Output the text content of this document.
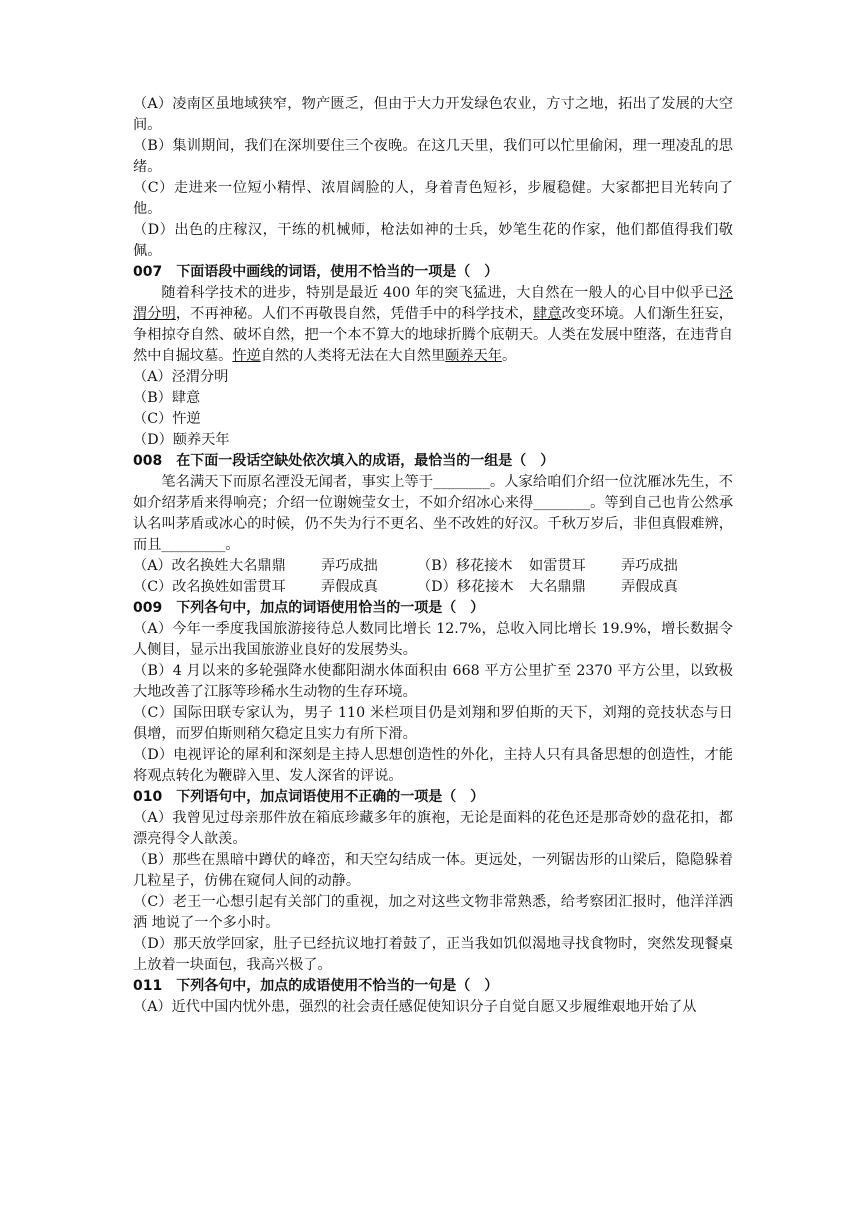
（A）凌南区虽地域狭窄，物产匮乏，但由于大力开发绿色农业，方寸之地，拓出了发展的大空间。

（B）集训期间，我们在深圳要住三个夜晚。在这几天里，我们可以忙里偷闲，理一理凌乱的思绪。

（C）走进来一位短小精悍、浓眉阔脸的人，身着青色短衫，步履稳健。大家都把目光转向了他。

（D）出色的庄稼汉，干练的机械师，枪法如神的士兵，妙笔生花的作家，他们都值得我们敬佩。

007　下面语段中画线的词语，使用不恰当的一项是（　）

随着科学技术的进步，特别是最近 400 年的突飞猛进，大自然在一般人的心目中似乎已泾渭分明，不再神秘。人们不再敬畏自然，凭借手中的科学技术，肆意改变环境。人们渐生狂妄，争相掠夺自然、破坏自然，把一个本不算大的地球折腾个底朝天。人类在发展中堕落，在违背自然中自掘坟墓。忤逆自然的人类将无法在大自然里颐养天年。

（A）泾渭分明

（B）肆意

（C）忤逆

（D）颐养天年

008　在下面一段话空缺处依次填入的成语，最恰当的一组是（　）

笔名满天下而原名湮没无闻者，事实上等于________。人家给咱们介绍一位沈雁冰先生，不如介绍茅盾来得响亮；介绍一位谢婉莹女士，不如介绍冰心来得________。等到自己也肯公然承认名叫茅盾或冰心的时候，仍不失为行不更名、坐不改姓的好汉。千秋万岁后，非但真假难辨，而且_________。

（A）改名换姓 大名鼎鼎	弄巧成拙	（B）移花接木	如雷贯耳	弄巧成拙
（C）改名换姓 如雷贯耳	弄假成真	（D）移花接木	大名鼎鼎	弄假成真

009　下列各句中，加点的词语使用恰当的一项是（　）

（A）今年一季度我国旅游接待总人数同比增长 12.7%，总收入同比增长 19.9%，增长数据令人侧目，显示出我国旅游业良好的发展势头。

（B）4 月以来的多轮强降水使鄱阳湖水体面积由 668 平方公里扩至 2370 平方公里，以致极大地改善了江豚等珍稀水生动物的生存环境。

（C）国际田联专家认为，男子 110 米栏项目仍是刘翔和罗伯斯的天下，刘翔的竞技状态与日俱增，而罗伯斯则稍欠稳定且实力有所下滑。

（D）电视评论的犀利和深刻是主持人思想创造性的外化，主持人只有具备思想的创造性，才能将观点转化为鞭辟入里、发人深省的评说。

010　下列语句中，加点词语使用不正确的一项是（　）

（A）我曾见过母亲那件放在箱底珍藏多年的旗袍，无论是面料的花色还是那奇妙的盘花扣，都漂亮得令人歆羡。

（B）那些在黑暗中蹲伏的峰峦，和天空勾结成一体。更远处，一列锯齿形的山梁后，隐隐躲着几粒星子，仿佛在窥伺人间的动静。

（C）老王一心想引起有关部门的重视，加之对这些文物非常熟悉，给考察团汇报时，他洋洋洒洒 地说了一个多小时。

（D）那天放学回家，肚子已经抗议地打着鼓了，正当我如饥似渴地寻找食物时，突然发现餐桌上放着一块面包，我高兴极了。

011　下列各句中，加点的成语使用不恰当的一句是（　）

（A）近代中国内忧外患，强烈的社会责任感促使知识分子自觉自愿又步履维艰地开始了从
